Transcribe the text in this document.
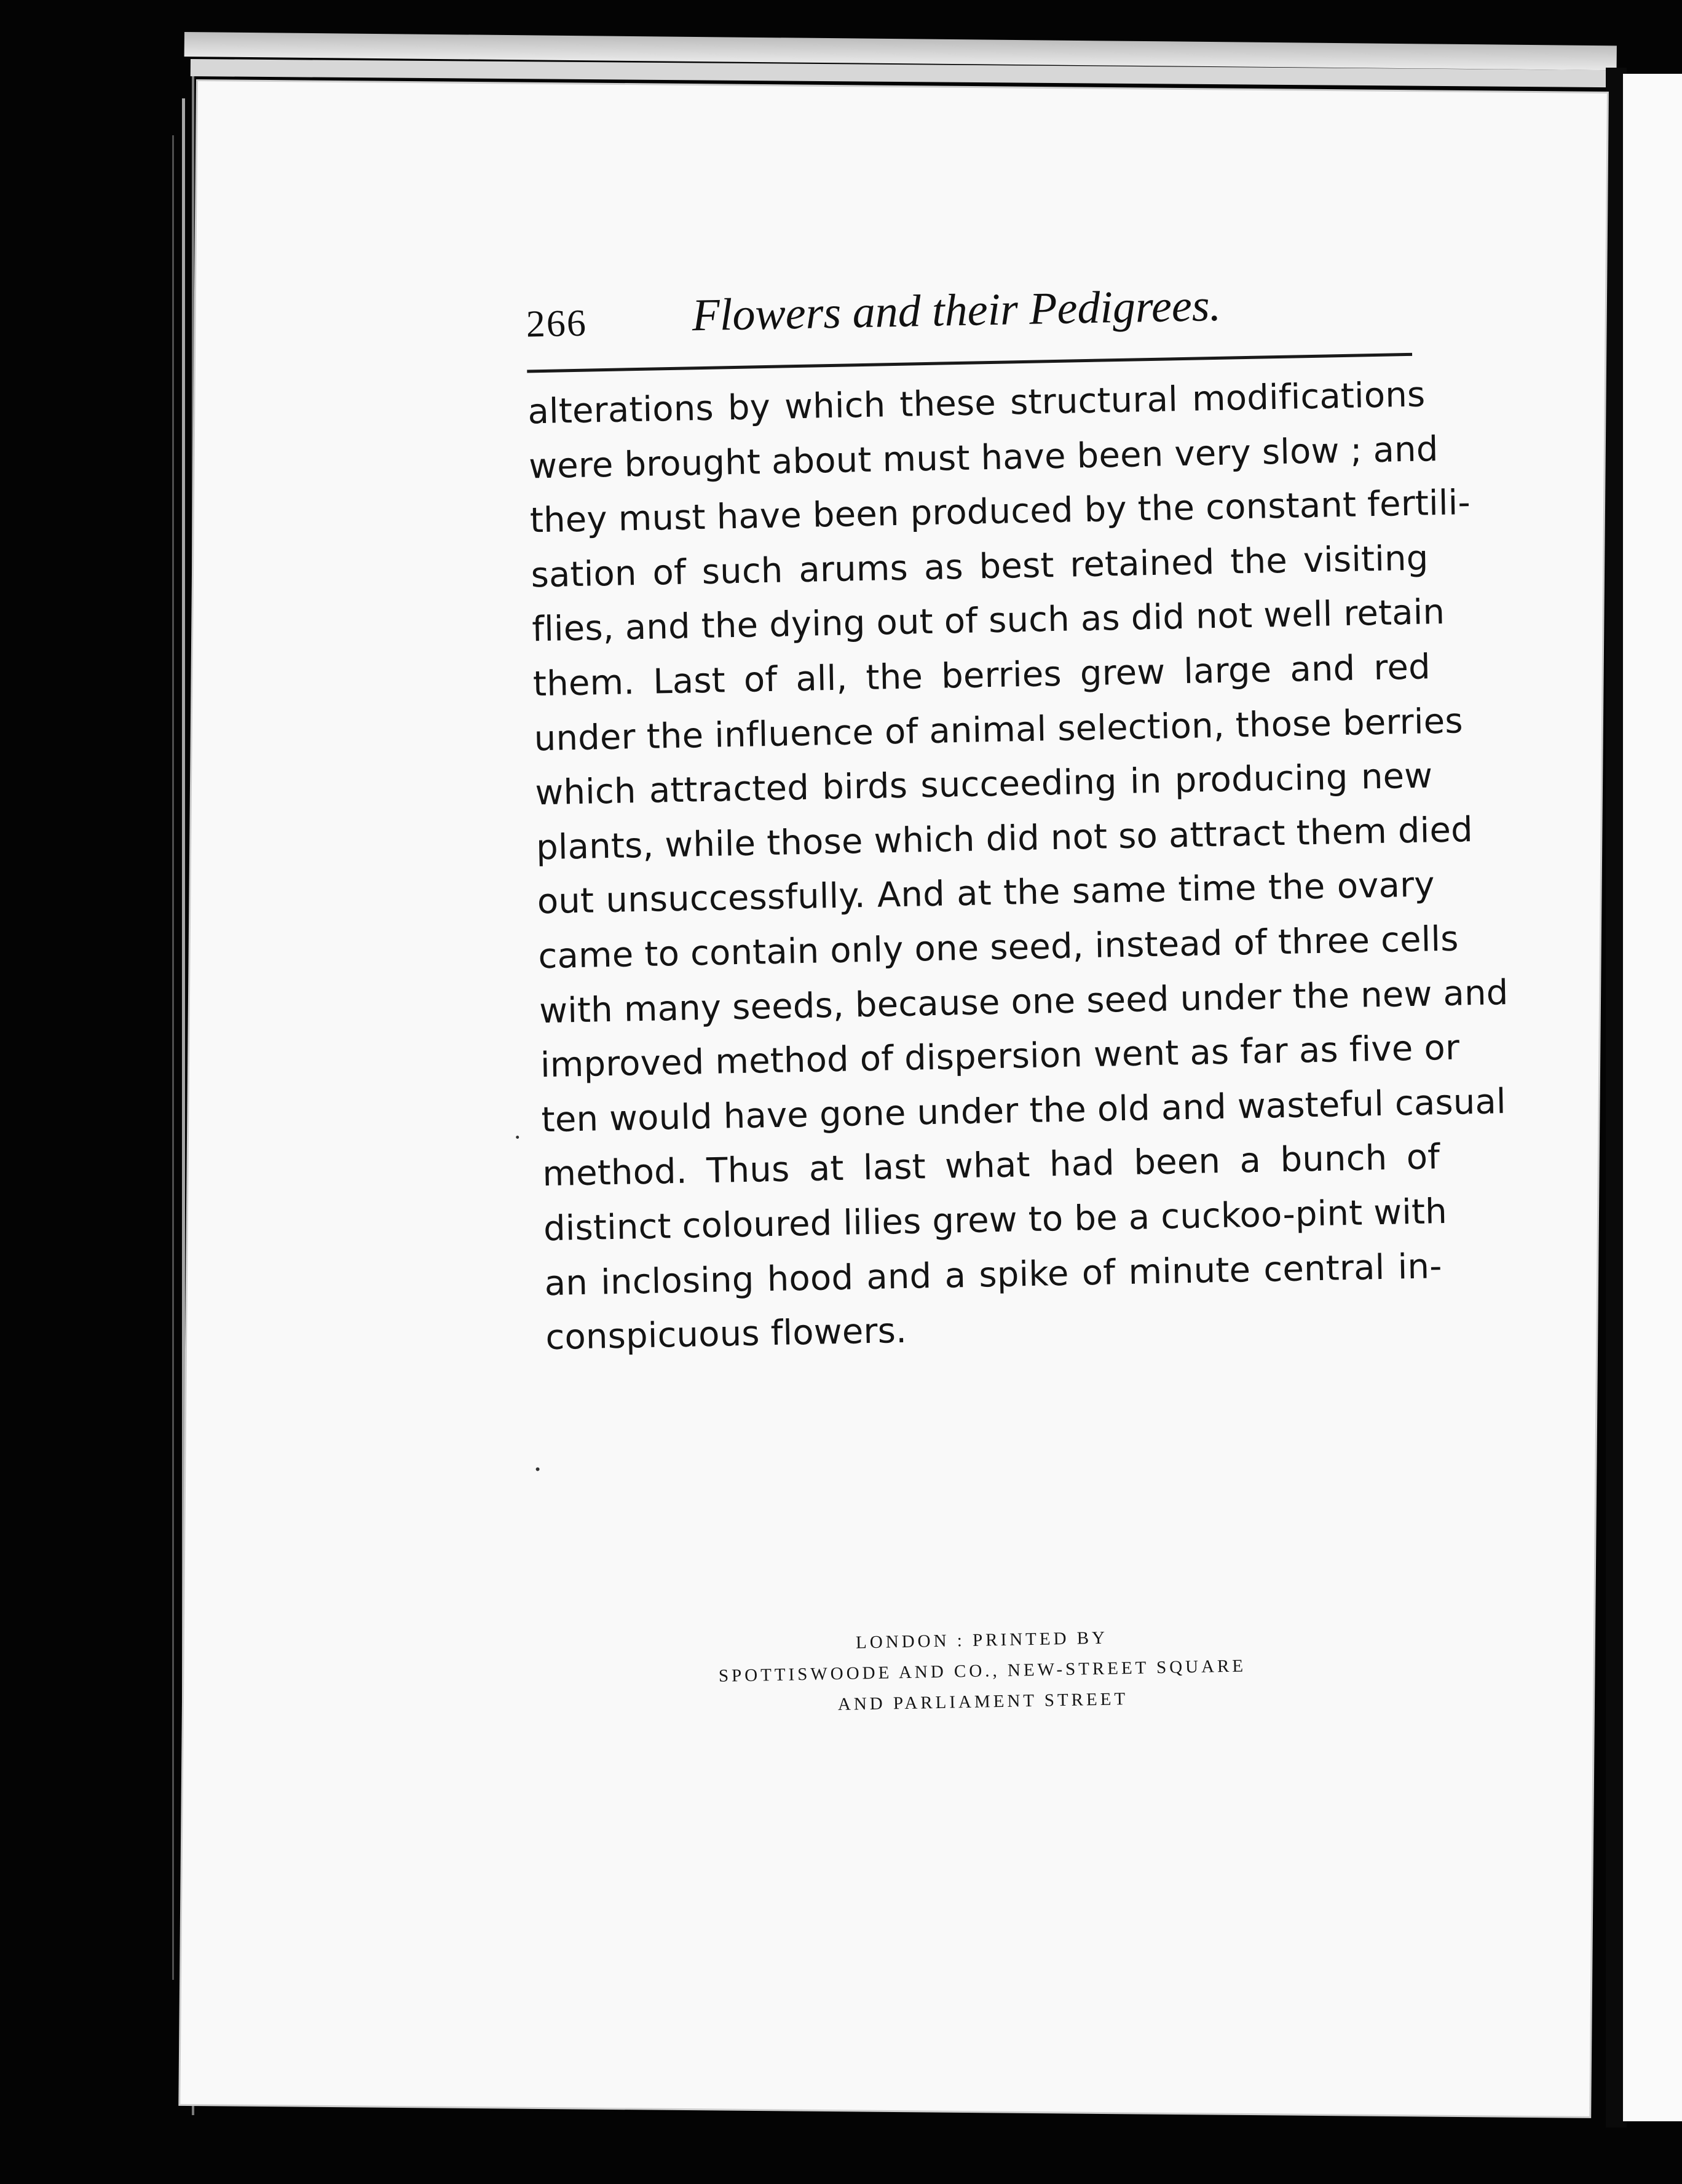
266 Flowers and their Pedigrees.
alterations by which these structural modifications
were brought about must have been very slow ; and
they must have been produced by the constant fertili-
sation of such arums as best retained the visiting
flies, and the dying out of such as did not well retain
them. Last of all, the berries grew large and red
under the influence of animal selection, those berries
which attracted birds succeeding in producing new
plants, while those which did not so attract them died
out unsuccessfully. And at the same time the ovary
came to contain only one seed, instead of three cells
with many seeds, because one seed under the new and
improved method of dispersion went as far as five or
ten would have gone under the old and wasteful casual
method. Thus at last what had been a bunch of
distinct coloured lilies grew to be a cuckoo-pint with
an inclosing hood and a spike of minute central in-
conspicuous flowers.
LONDON : PRINTED BY
SPOTTISWOODE AND CO., NEW-STREET SQUARE
AND PARLIAMENT STREET
